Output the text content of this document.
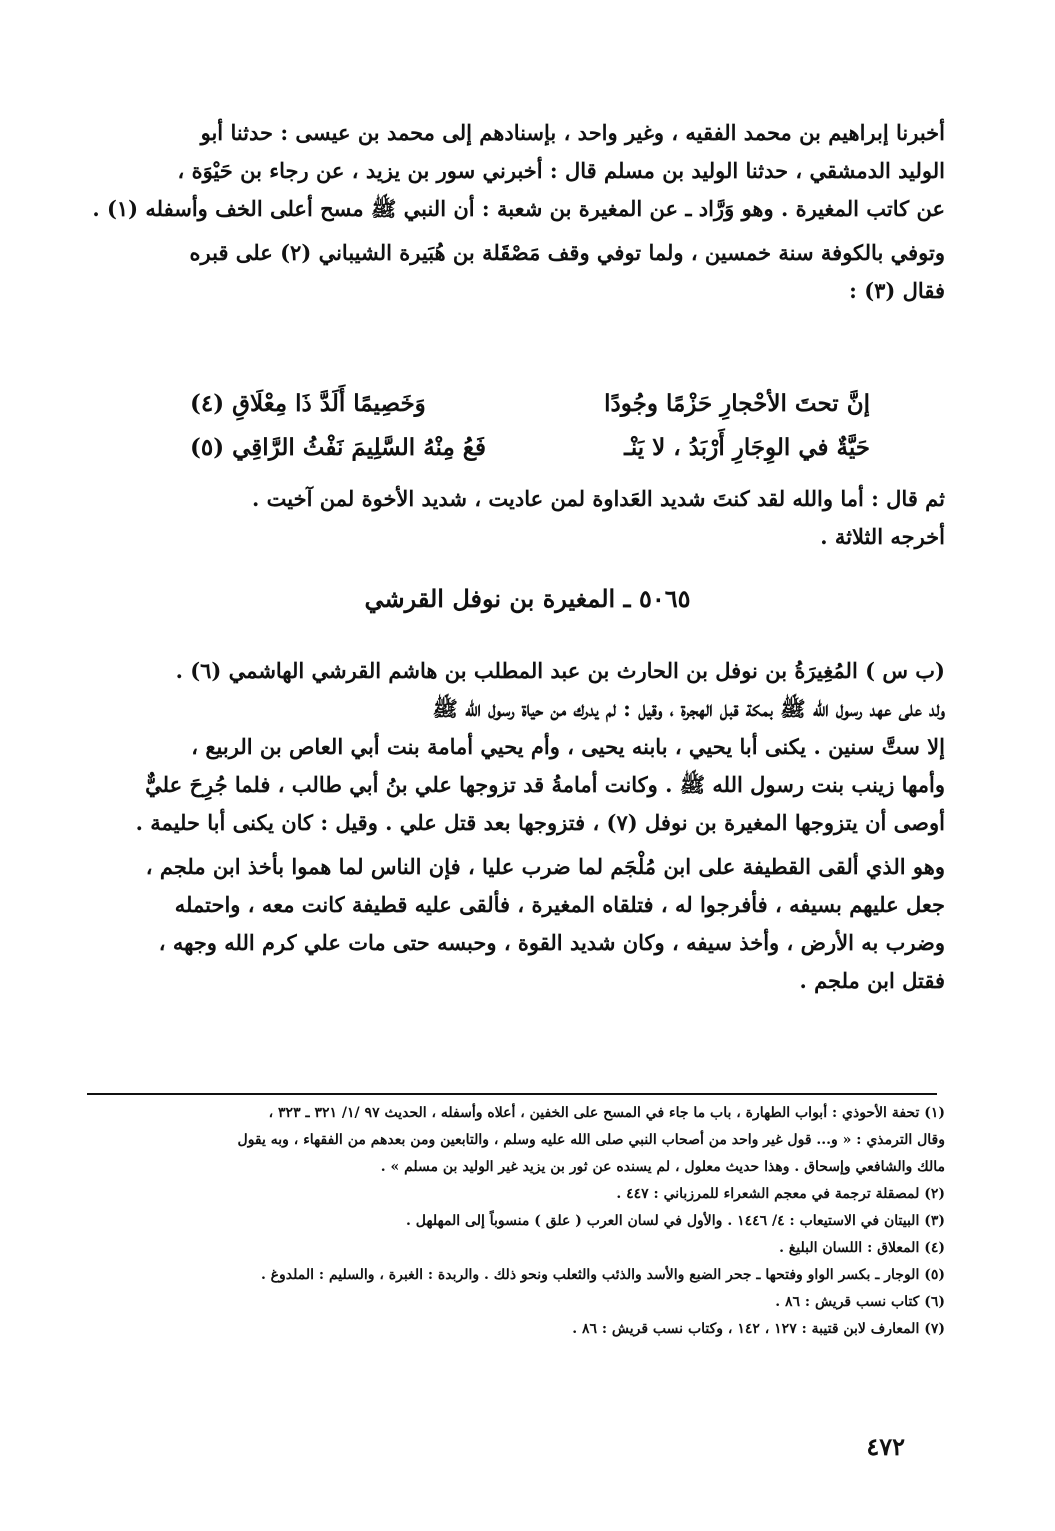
أخبرنا إبراهيم بن محمد الفقيه ، وغير واحد ، بإسنادهم إلى محمد بن عيسى : حدثنا أبو

الوليد الدمشقي ، حدثنا الوليد بن مسلم قال : أخبرني سور بن يزيد ، عن رجاء بن حَيْوَة ،

عن كاتب المغيرة . وهو وَرَّاد ـ عن المغيرة بن شعبة : أن النبي ﷺ مسح أعلى الخف وأسفله (١) .

وتوفي بالكوفة سنة خمسين ، ولما توفي وقف مَصْقَلة بن هُبَيرة الشيباني (٢) على قبره

فقال (٣) :

إنَّ تحتَ الأحْجارِ حَزْمًا وجُودًا
وَخَصِيمًا أَلَدَّ ذَا مِعْلَاقِ (٤)
حَيَّةٌ في الوِجَارِ أَرْبَدُ ، لا يَنْـ
فَعُ مِنْهُ السَّلِيمَ نَفْثُ الرَّاقِي (٥)

ثم قال : أما والله لقد كنتَ شديد العَداوة لمن عاديت ، شديد الأخوة لمن آخيت .

أخرجه الثلاثة .

٥٠٦٥ ـ المغيرة بن نوفل القرشي

(ب س ) المُغِيرَةُ بن نوفل بن الحارث بن عبد المطلب بن هاشم القرشي الهاشمي (٦) .

ولد على عهد رسول الله ﷺ بمكة قبل الهجرة ، وقيل : لم يدرك من حياة رسول الله ﷺ

إلا ستَّ سنين . يكنى أبا يحيي ، بابنه يحيى ، وأم يحيي أمامة بنت أبي العاص بن الربيع ،

وأمها زينب بنت رسول الله ﷺ . وكانت أمامةُ قد تزوجها علي بنُ أبي طالب ، فلما جُرِحَ عليٌّ

أوصى أن يتزوجها المغيرة بن نوفل (٧) ، فتزوجها بعد قتل علي . وقيل : كان يكنى أبا حليمة .

وهو الذي ألقى القطيفة على ابن مُلْجَم لما ضرب عليا ، فإن الناس لما هموا بأخذ ابن ملجم ،

جعل عليهم بسيفه ، فأفرجوا له ، فتلقاه المغيرة ، فألقى عليه قطيفة كانت معه ، واحتمله

وضرب به الأرض ، وأخذ سيفه ، وكان شديد القوة ، وحبسه حتى مات علي كرم الله وجهه ،

فقتل ابن ملجم .

(١) تحفة الأحوذي : أبواب الطهارة ، باب ما جاء في المسح على الخفين ، أعلاه وأسفله ، الحديث ٩٧ /١/ ٣٢١ ـ ٣٢٣ ،

وقال الترمذي : « و... قول غير واحد من أصحاب النبي صلى الله عليه وسلم ، والتابعين ومن بعدهم من الفقهاء ، وبه يقول

مالك والشافعي وإسحاق . وهذا حديث معلول ، لم يسنده عن ثور بن يزيد غير الوليد بن مسلم » .

(٢) لمصقلة ترجمة في معجم الشعراء للمرزباني : ٤٤٧ .

(٣) البيتان في الاستيعاب : ٤/ ١٤٤٦ . والأول في لسان العرب ( علق ) منسوباً إلى المهلهل .

(٤) المعلاق : اللسان البليغ .

(٥) الوجار ـ بكسر الواو وفتحها ـ جحر الضبع والأسد والذئب والثعلب ونحو ذلك . والربدة : الغبرة ، والسليم : الملدوغ .

(٦) كتاب نسب قريش : ٨٦ .

(٧) المعارف لابن قتيبة : ١٢٧ ، ١٤٢ ، وكتاب نسب قريش : ٨٦ .

٤٧٢
